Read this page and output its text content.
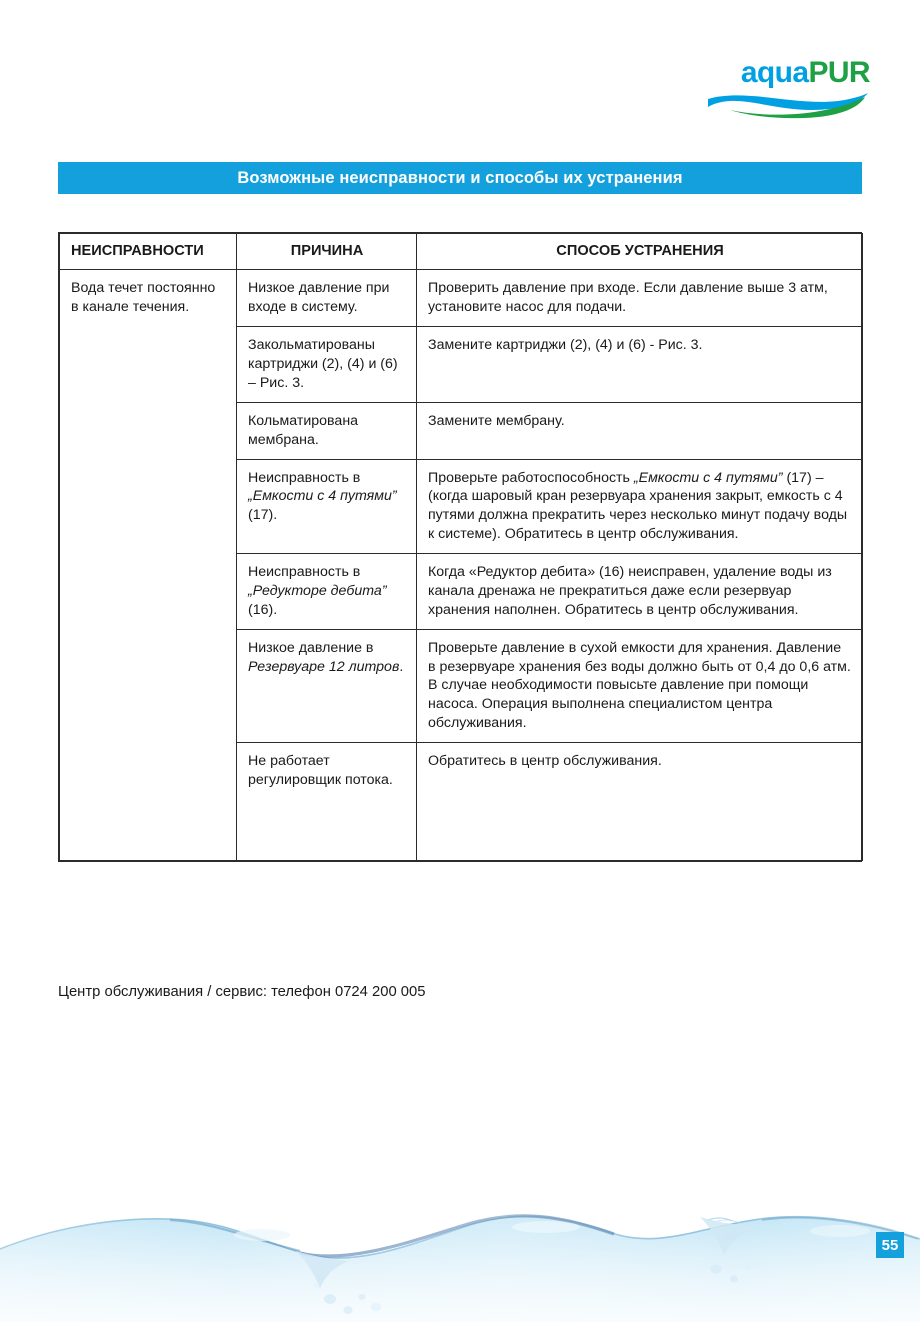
aquaPUR
Возможные неисправности и способы их устранения
НЕИСПРАВНОСТИ	ПРИЧИНА	СПОСОБ УСТРАНЕНИЯ
Вода течет постоянно в канале течения.	Низкое давление при входе в систему.	Проверить давление при входе. Если давление выше 3 атм, установите насос для подачи.
	Закольматированы картриджи (2), (4) и (6) – Рис. 3.	Замените картриджи (2), (4) и (6) - Рис. 3.
	Кольматирована мембрана.	Замените мембрану.

	Неисправность в „Емкости с 4 путями” (17).	Проверьте работоспособность „Емкости с 4 путями” (17) – (когда шаровый кран резервуара хранения закрыт, емкость с 4 путями должна прекратить через несколько минут подачу воды к системе). Обратитесь в центр обслуживания.

	Неисправность в „Редукторе дебита” (16).	Когда «Редуктор дебита» (16) неисправен, удаление воды из канала дренажа не прекратиться даже если резервуар хранения наполнен. Обратитесь в центр обслуживания.

	Низкое давление в Резервуаре 12 литров.	Проверьте давление в сухой емкости для хранения. Давление в резервуаре хранения без воды должно быть от 0,4 до 0,6 атм. В случае необходимости повысьте давление при помощи насоса. Операция выполнена специалистом центра обслуживания.
	Не работает регулировщик потока.	Обратитесь в центр обслуживания.
Центр обслуживания / сервис: телефон 0724 200 005
55
